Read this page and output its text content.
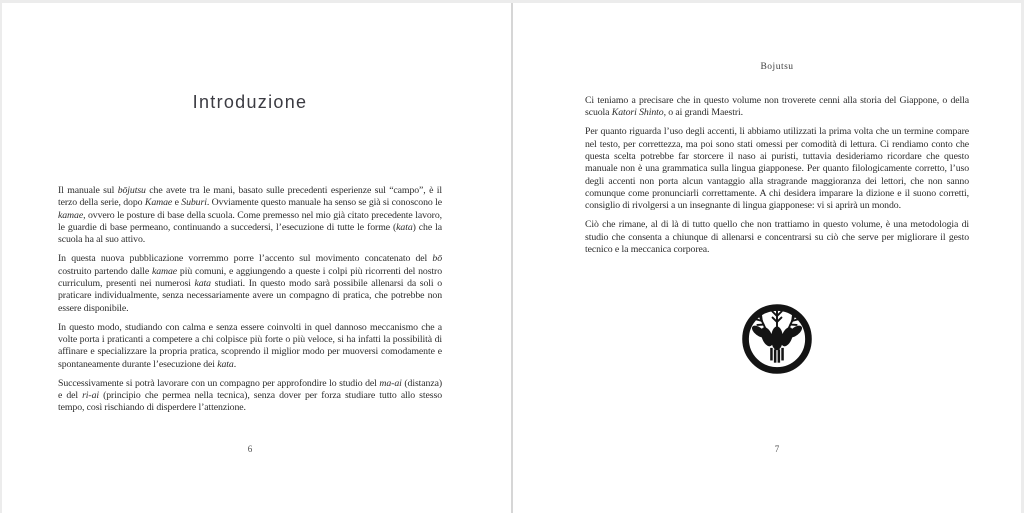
Introduzione

Il manuale sul bōjutsu che avete tra le mani, basato sulle precedenti esperienze sul “campo”, è il terzo della serie, dopo Kamae e Suburi. Ovviamente questo manuale ha senso se già si conoscono le kamae, ovvero le posture di base della scuola. Come premesso nel mio già citato precedente lavoro, le guardie di base permeano, continuando a succedersi, l’esecuzione di tutte le forme (kata) che la scuola ha al suo attivo.

In questa nuova pubblicazione vorremmo porre l’accento sul movimento concatenato del bō costruito partendo dalle kamae più comuni, e aggiungendo a queste i colpi più ricorrenti del nostro curriculum, presenti nei numerosi kata studiati. In questo modo sarà possibile allenarsi da soli o praticare individualmente, senza necessariamente avere un compagno di pratica, che potrebbe non essere disponibile.

In questo modo, studiando con calma e senza essere coinvolti in quel dannoso meccanismo che a volte porta i praticanti a competere a chi colpisce più forte o più veloce, si ha infatti la possibilità di affinare e specializzare la propria pratica, scoprendo il miglior modo per muoversi comodamente e spontaneamente durante l’esecuzione dei kata.

Successivamente si potrà lavorare con un compagno per approfondire lo studio del ma-ai (distanza) e del ri-ai (principio che permea nella tecnica), senza dover per forza studiare tutto allo stesso tempo, così rischiando di disperdere l’attenzione.

6
Bojutsu

Ci teniamo a precisare che in questo volume non troverete cenni alla storia del Giappone, o della scuola Katori Shinto, o ai grandi Maestri.

Per quanto riguarda l’uso degli accenti, li abbiamo utilizzati la prima volta che un termine compare nel testo, per correttezza, ma poi sono stati omessi per comodità di lettura. Ci rendiamo conto che questa scelta potrebbe far storcere il naso ai puristi, tuttavia desideriamo ricordare che questo manuale non è una grammatica sulla lingua giapponese. Per quanto filologicamente corretto, l’uso degli accenti non porta alcun vantaggio alla stragrande maggioranza dei lettori, che non sanno comunque come pronunciarli correttamente. A chi desidera imparare la dizione e il suono corretti, consiglio di rivolgersi a un insegnante di lingua giapponese: vi si aprirà un mondo.

Ciò che rimane, al di là di tutto quello che non trattiamo in questo volume, è una metodologia di studio che consenta a chiunque di allenarsi e concentrarsi su ciò che serve per migliorare il gesto tecnico e la meccanica corporea.

7
